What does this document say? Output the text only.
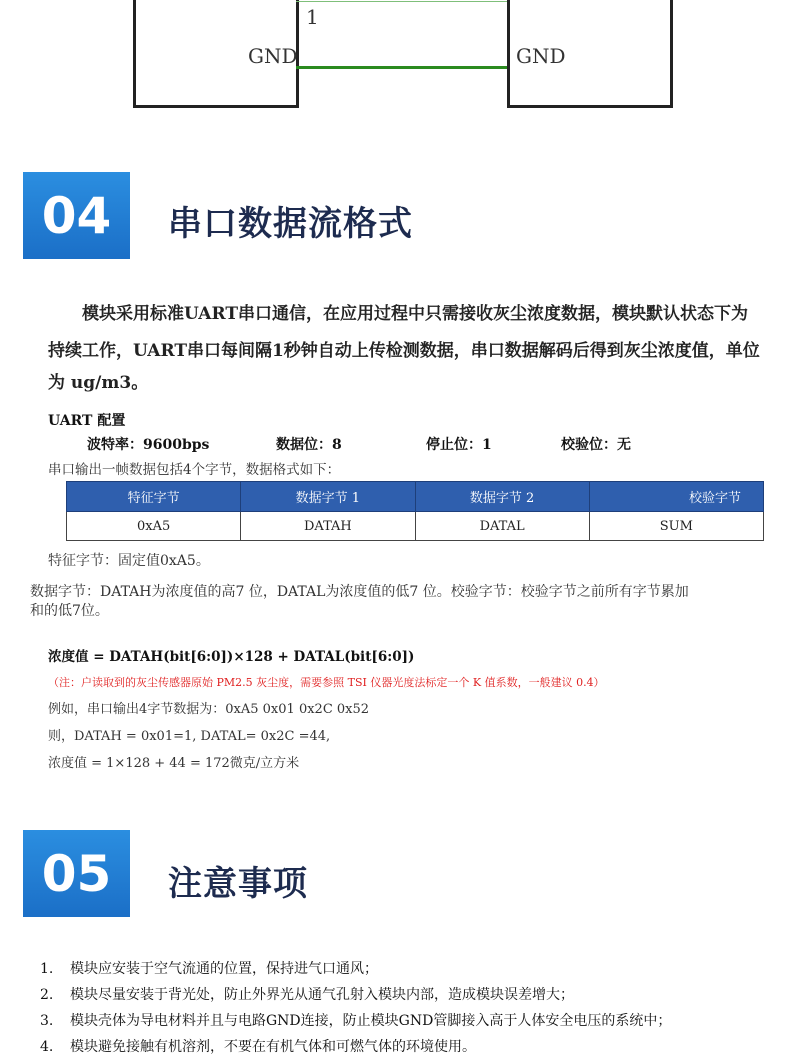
1
GND	GND
04	串口数据流格式
　　模块采用标准UART串口通信，在应用过程中只需接收灰尘浓度数据，模块默认状态下为
持续工作，UART串口每间隔1秒钟自动上传检测数据，串口数据解码后得到灰尘浓度值，单位
为 ug/m3。
UART 配置
波特率：9600bps	数据位：8	停止位：1	校验位：无
串口输出一帧数据包括4个字节，数据格式如下：
特征字节	数据字节 1	数据字节 2	校验字节
0xA5	DATAH	DATAL	SUM
特征字节：固定值0xA5。
数据字节：DATAH为浓度值的高7 位，DATAL为浓度值的低7 位。校验字节：校验字节之前所有字节累加
和的低7位。
浓度值 = DATAH(bit[6:0])×128 + DATAL(bit[6:0])
（注：户读取到的灰尘传感器原始 PM2.5 灰尘度，需要参照 TSI 仪器光度法标定一个 K 值系数，一般建议 0.4）
例如，串口输出4字节数据为：0xA5 0x01 0x2C 0x52
则，DATAH = 0x01=1, DATAL= 0x2C =44,
浓度值 = 1×128 + 44 = 172微克/立方米
05	注意事项
1. 模块应安装于空气流通的位置，保持进气口通风；
2. 模块尽量安装于背光处，防止外界光从通气孔射入模块内部，造成模块误差增大；
3. 模块壳体为导电材料并且与电路GND连接，防止模块GND管脚接入高于人体安全电压的系统中；
4. 模块避免接触有机溶剂，不要在有机气体和可燃气体的环境使用。
